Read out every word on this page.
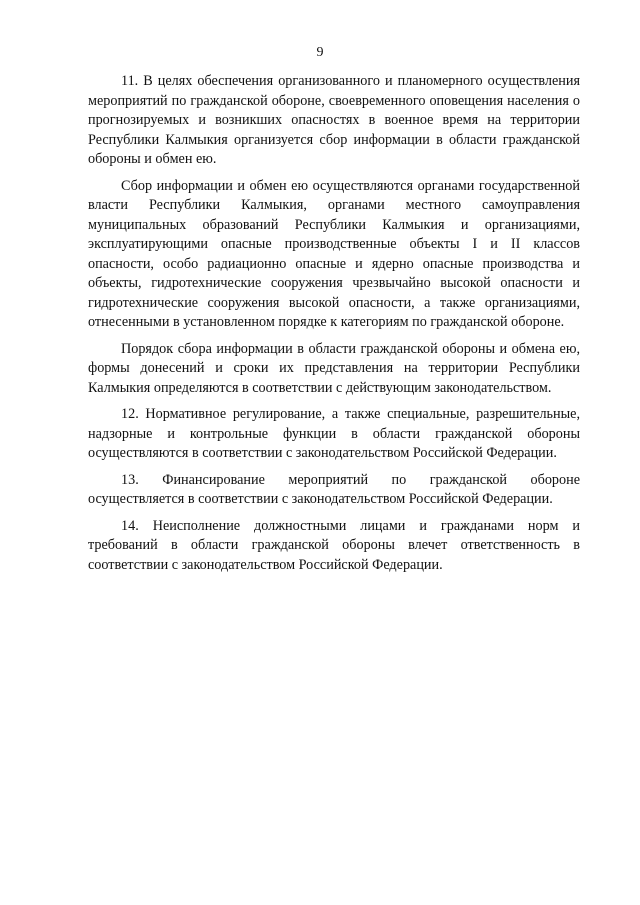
9

11. В целях обеспечения организованного и планомерного осуществления мероприятий по гражданской обороне, своевременного оповещения населения о прогнозируемых и возникших опасностях в военное время на территории Республики Калмыкия организуется сбор информации в области гражданской обороны и обмен ею.

Сбор информации и обмен ею осуществляются органами государственной власти Республики Калмыкия, органами местного самоуправления муниципальных образований Республики Калмыкия и организациями, эксплуатирующими опасные производственные объекты I и II классов опасности, особо радиационно опасные и ядерно опасные производства и объекты, гидротехнические сооружения чрезвычайно высокой опасности и гидротехнические сооружения высокой опасности, а также организациями, отнесенными в установленном порядке к категориям по гражданской обороне.

Порядок сбора информации в области гражданской обороны и обмена ею, формы донесений и сроки их представления на территории Республики Калмыкия определяются в соответствии с действующим законодательством.

12. Нормативное регулирование, а также специальные, разрешительные, надзорные и контрольные функции в области гражданской обороны осуществляются в соответствии с законодательством Российской Федерации.

13. Финансирование мероприятий по гражданской обороне осуществляется в соответствии с законодательством Российской Федерации.

14. Неисполнение должностными лицами и гражданами норм и требований в области гражданской обороны влечет ответственность в соответствии с законодательством Российской Федерации.
